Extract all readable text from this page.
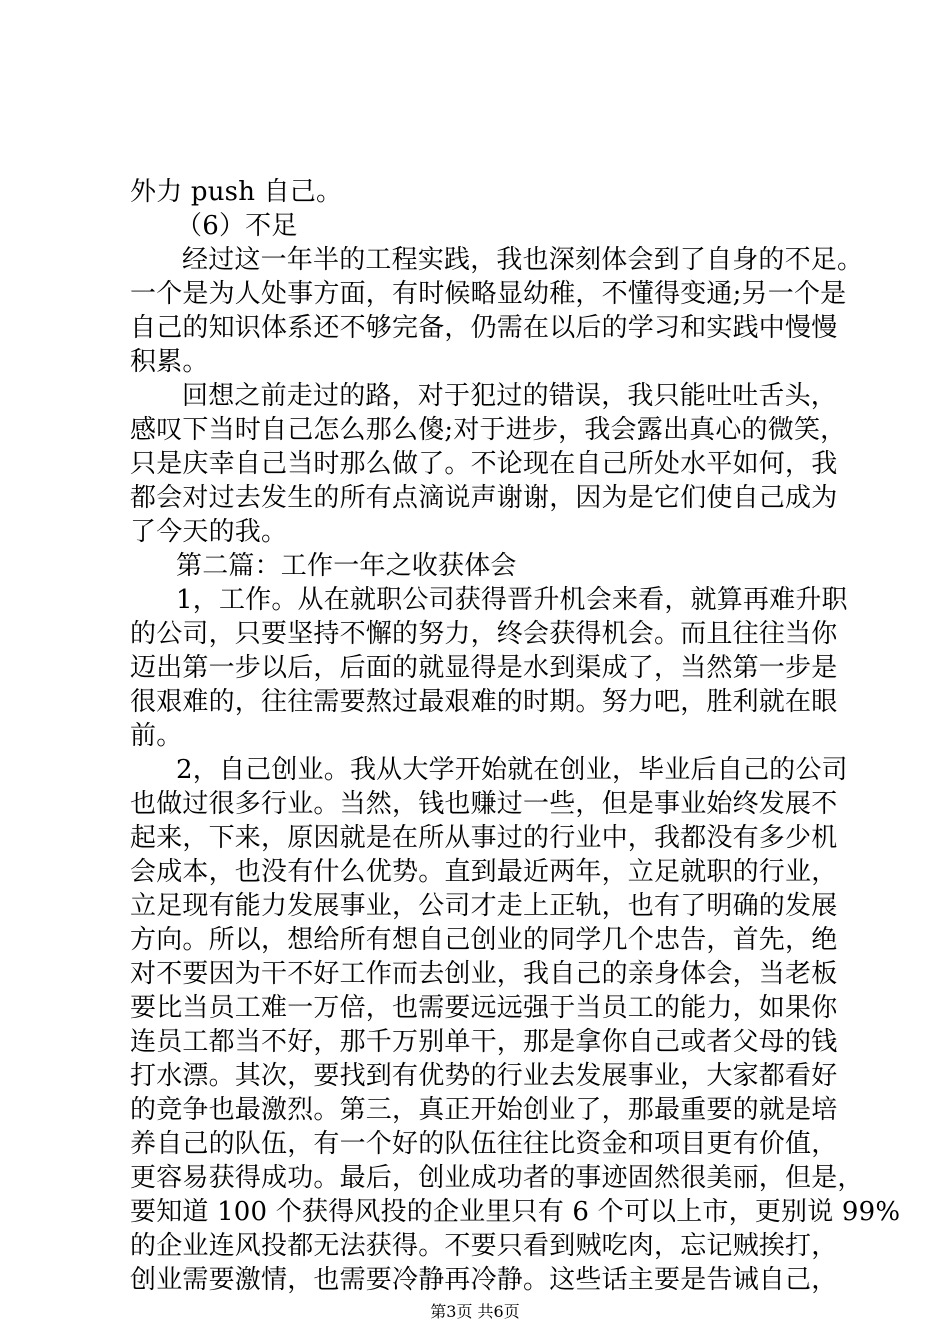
外力 push 自己。
（6）不足
经过这一年半的工程实践，我也深刻体会到了自身的不足。
一个是为人处事方面，有时候略显幼稚，不懂得变通;另一个是
自己的知识体系还不够完备，仍需在以后的学习和实践中慢慢
积累。
回想之前走过的路，对于犯过的错误，我只能吐吐舌头，
感叹下当时自己怎么那么傻;对于进步，我会露出真心的微笑，
只是庆幸自己当时那么做了。不论现在自己所处水平如何，我
都会对过去发生的所有点滴说声谢谢，因为是它们使自己成为
了今天的我。
第二篇：工作一年之收获体会
1，工作。从在就职公司获得晋升机会来看，就算再难升职
的公司，只要坚持不懈的努力，终会获得机会。而且往往当你
迈出第一步以后，后面的就显得是水到渠成了，当然第一步是
很艰难的，往往需要熬过最艰难的时期。努力吧，胜利就在眼
前。
2，自己创业。我从大学开始就在创业，毕业后自己的公司
也做过很多行业。当然，钱也赚过一些，但是事业始终发展不
起来，下来，原因就是在所从事过的行业中，我都没有多少机
会成本，也没有什么优势。直到最近两年，立足就职的行业，
立足现有能力发展事业，公司才走上正轨，也有了明确的发展
方向。所以，想给所有想自己创业的同学几个忠告，首先，绝
对不要因为干不好工作而去创业，我自己的亲身体会，当老板
要比当员工难一万倍，也需要远远强于当员工的能力，如果你
连员工都当不好，那千万别单干，那是拿你自己或者父母的钱
打水漂。其次，要找到有优势的行业去发展事业，大家都看好
的竞争也最激烈。第三，真正开始创业了，那最重要的就是培
养自己的队伍，有一个好的队伍往往比资金和项目更有价值，
更容易获得成功。最后，创业成功者的事迹固然很美丽，但是，
要知道 100 个获得风投的企业里只有 6 个可以上市，更别说 99%
的企业连风投都无法获得。不要只看到贼吃肉，忘记贼挨打，
创业需要激情，也需要冷静再冷静。这些话主要是告诫自己，
第3页 共6页
